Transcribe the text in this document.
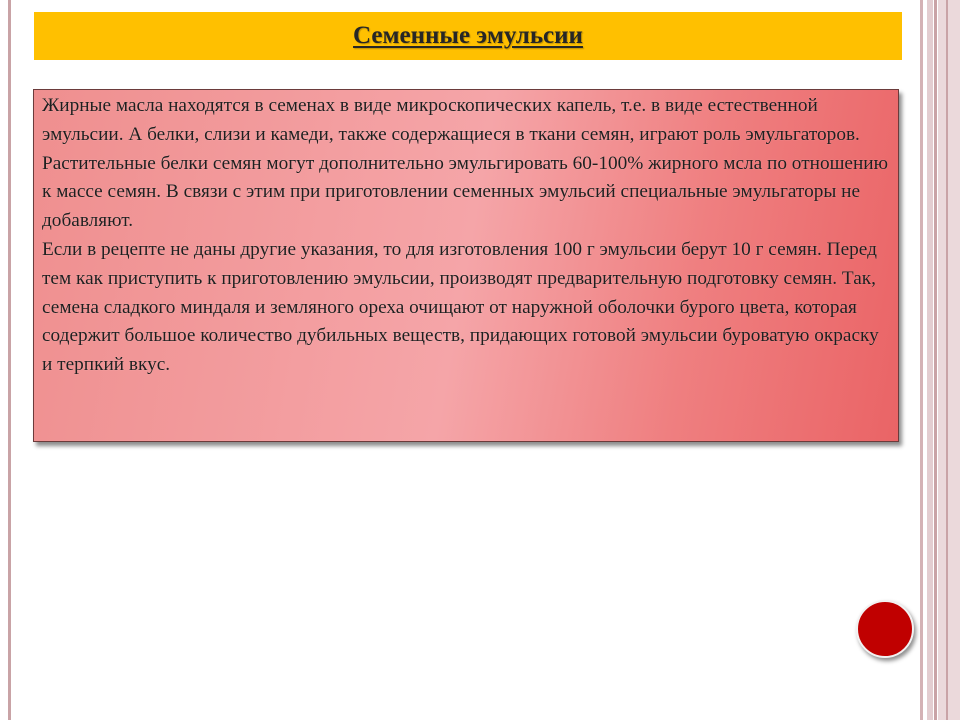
Семенные эмульсии

Жирные масла находятся в семенах в виде микроскопических капель, т.е. в виде естественной эмульсии. А белки, слизи и камеди, также содержащиеся в ткани семян, играют роль эмульгаторов. Растительные белки семян могут дополнительно эмульгировать 60-100% жирного мсла по отношению к массе семян. В связи с этим при приготовлении семенных эмульсий специальные эмульгаторы не добавляют.

Если в рецепте не даны другие указания, то для изготовления 100 г эмульсии берут 10 г семян. Перед тем как приступить к приготовлению эмульсии, производят предварительную подготовку семян. Так, семена сладкого миндаля и земляного ореха очищают от наружной оболочки бурого цвета, которая содержит большое количество дубильных веществ, придающих готовой эмульсии буроватую окраску и терпкий вкус.
